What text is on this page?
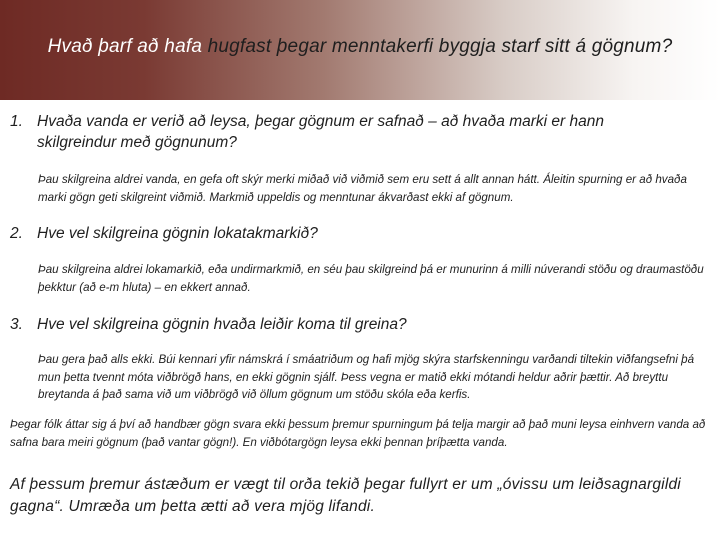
Hvað þarf að hafa hugfast þegar menntakerfi byggja starf sitt á gögnum?
1. Hvaða vanda er verið að leysa, þegar gögnum er safnað – að hvaða marki er hann skilgreindur með gögnunum?
Þau skilgreina aldrei vanda, en gefa oft skýr merki miðað við viðmið sem eru sett á allt annan hátt. Áleitin spurning er að hvaða marki gögn geti skilgreint viðmið. Markmið uppeldis og menntunar ákvarðast ekki af gögnum.
2. Hve vel skilgreina gögnin lokatakmarkið?
Þau skilgreina aldrei lokamarkið, eða undirmarkmið, en séu þau skilgreind þá er munurinn á milli núverandi stöðu og draumastöðu þekktur (að e-m hluta) – en ekkert annað.
3. Hve vel skilgreina gögnin hvaða leiðir koma til greina?
Þau gera það alls ekki. Búi kennari yfir námskrá í smáatriðum og hafi mjög skýra starfskenningu varðandi tiltekin viðfangsefni þá mun þetta tvennt móta viðbrögð hans, en ekki gögnin sjálf. Þess vegna er matið ekki mótandi heldur aðrir þættir. Að breyttu breytanda á það sama við um viðbrögð við öllum gögnum um stöðu skóla eða kerfis.
Þegar fólk áttar sig á því að handbær gögn svara ekki þessum þremur spurningum þá telja margir að það muni leysa einhvern vanda að safna bara meiri gögnum (það vantar gögn!). En viðbótargögn leysa ekki þennan þríþætta vanda.
Af þessum þremur ástæðum er vægt til orða tekið þegar fullyrt er um „óvissu um leiðsagnargildi gagna“. Umræða um þetta ætti að vera mjög lifandi.
